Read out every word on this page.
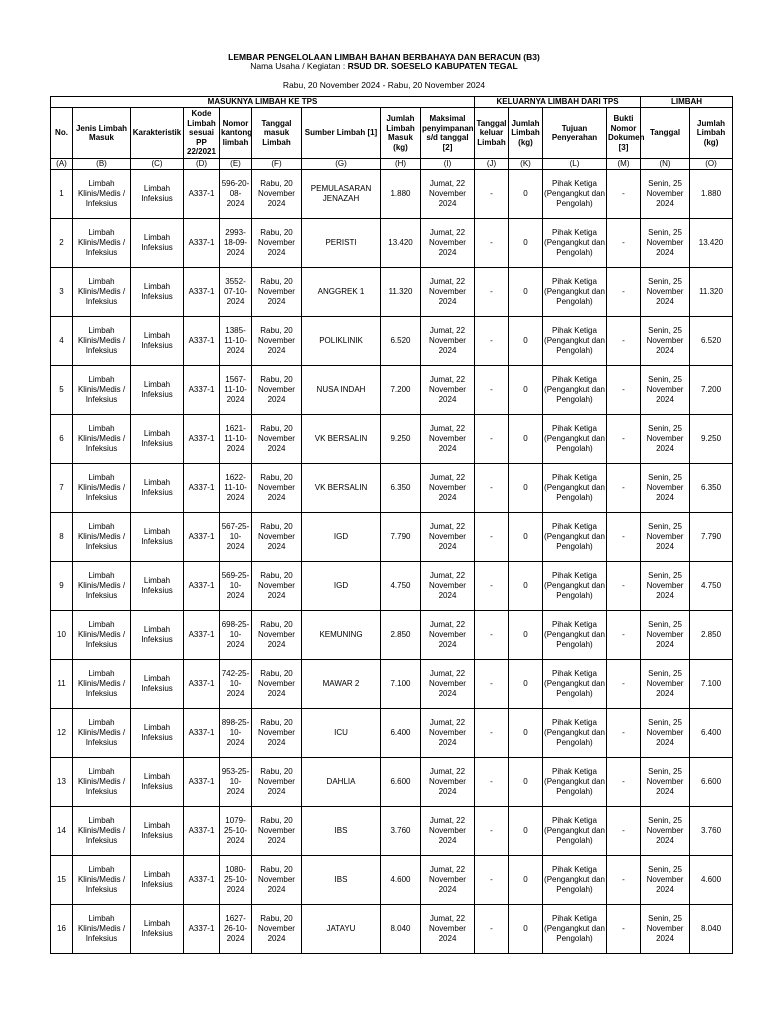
LEMBAR PENGELOLAAN LIMBAH BAHAN BERBAHAYA DAN BERACUN (B3)
Nama Usaha / Kegiatan : RSUD DR. SOESELO KABUPATEN TEGAL
Rabu, 20 November 2024 - Rabu, 20 November 2024
MASUKNYA LIMBAH KE TPS									KELUARNYA LIMBAH DARI TPS				LIMBAH	
No.	Jenis Limbah Masuk	Karakteristik	Kode Limbah sesuai PP 22/2021	Nomor kantong limbah	Tanggal masuk Limbah	Sumber Limbah [1]	Jumlah Limbah Masuk (kg)	Maksimal penyimpanan s/d tanggal [2]	Tanggal keluar Limbah	Jumlah Limbah (kg)	Tujuan Penyerahan	Bukti Nomor Dokumen [3]	Tanggal	Jumlah Limbah (kg)
(A)	(B)	(C)	(D)	(E)	(F)	(G)	(H)	(I)	(J)	(K)	(L)	(M)	(N)	(O)
1	Limbah Klinis/Medis / Infeksius	Limbah Infeksius	A337-1	596-20-08-2024	Rabu, 20 November 2024	PEMULASARAN JENAZAH	1.880	Jumat, 22 November 2024	-	0	Pihak Ketiga (Pengangkut dan Pengolah)	-	Senin, 25 November 2024	1.880
2	Limbah Klinis/Medis / Infeksius	Limbah Infeksius	A337-1	2993-18-09-2024	Rabu, 20 November 2024	PERISTI	13.420	Jumat, 22 November 2024	-	0	Pihak Ketiga (Pengangkut dan Pengolah)	-	Senin, 25 November 2024	13.420
3	Limbah Klinis/Medis / Infeksius	Limbah Infeksius	A337-1	3552-07-10-2024	Rabu, 20 November 2024	ANGGREK 1	11.320	Jumat, 22 November 2024	-	0	Pihak Ketiga (Pengangkut dan Pengolah)	-	Senin, 25 November 2024	11.320
4	Limbah Klinis/Medis / Infeksius	Limbah Infeksius	A337-1	1385-11-10-2024	Rabu, 20 November 2024	POLIKLINIK	6.520	Jumat, 22 November 2024	-	0	Pihak Ketiga (Pengangkut dan Pengolah)	-	Senin, 25 November 2024	6.520
5	Limbah Klinis/Medis / Infeksius	Limbah Infeksius	A337-1	1567-11-10-2024	Rabu, 20 November 2024	NUSA INDAH	7.200	Jumat, 22 November 2024	-	0	Pihak Ketiga (Pengangkut dan Pengolah)	-	Senin, 25 November 2024	7.200
6	Limbah Klinis/Medis / Infeksius	Limbah Infeksius	A337-1	1621-11-10-2024	Rabu, 20 November 2024	VK BERSALIN	9.250	Jumat, 22 November 2024	-	0	Pihak Ketiga (Pengangkut dan Pengolah)	-	Senin, 25 November 2024	9.250
7	Limbah Klinis/Medis / Infeksius	Limbah Infeksius	A337-1	1622-11-10-2024	Rabu, 20 November 2024	VK BERSALIN	6.350	Jumat, 22 November 2024	-	0	Pihak Ketiga (Pengangkut dan Pengolah)	-	Senin, 25 November 2024	6.350
8	Limbah Klinis/Medis / Infeksius	Limbah Infeksius	A337-1	567-25-10-2024	Rabu, 20 November 2024	IGD	7.790	Jumat, 22 November 2024	-	0	Pihak Ketiga (Pengangkut dan Pengolah)	-	Senin, 25 November 2024	7.790
9	Limbah Klinis/Medis / Infeksius	Limbah Infeksius	A337-1	569-25-10-2024	Rabu, 20 November 2024	IGD	4.750	Jumat, 22 November 2024	-	0	Pihak Ketiga (Pengangkut dan Pengolah)	-	Senin, 25 November 2024	4.750
10	Limbah Klinis/Medis / Infeksius	Limbah Infeksius	A337-1	698-25-10-2024	Rabu, 20 November 2024	KEMUNING	2.850	Jumat, 22 November 2024	-	0	Pihak Ketiga (Pengangkut dan Pengolah)	-	Senin, 25 November 2024	2.850
11	Limbah Klinis/Medis / Infeksius	Limbah Infeksius	A337-1	742-25-10-2024	Rabu, 20 November 2024	MAWAR 2	7.100	Jumat, 22 November 2024	-	0	Pihak Ketiga (Pengangkut dan Pengolah)	-	Senin, 25 November 2024	7.100
12	Limbah Klinis/Medis / Infeksius	Limbah Infeksius	A337-1	898-25-10-2024	Rabu, 20 November 2024	ICU	6.400	Jumat, 22 November 2024	-	0	Pihak Ketiga (Pengangkut dan Pengolah)	-	Senin, 25 November 2024	6.400
13	Limbah Klinis/Medis / Infeksius	Limbah Infeksius	A337-1	953-25-10-2024	Rabu, 20 November 2024	DAHLIA	6.600	Jumat, 22 November 2024	-	0	Pihak Ketiga (Pengangkut dan Pengolah)	-	Senin, 25 November 2024	6.600
14	Limbah Klinis/Medis / Infeksius	Limbah Infeksius	A337-1	1079-25-10-2024	Rabu, 20 November 2024	IBS	3.760	Jumat, 22 November 2024	-	0	Pihak Ketiga (Pengangkut dan Pengolah)	-	Senin, 25 November 2024	3.760
15	Limbah Klinis/Medis / Infeksius	Limbah Infeksius	A337-1	1080-25-10-2024	Rabu, 20 November 2024	IBS	4.600	Jumat, 22 November 2024	-	0	Pihak Ketiga (Pengangkut dan Pengolah)	-	Senin, 25 November 2024	4.600
16	Limbah Klinis/Medis / Infeksius	Limbah Infeksius	A337-1	1627-26-10-2024	Rabu, 20 November 2024	JATAYU	8.040	Jumat, 22 November 2024	-	0	Pihak Ketiga (Pengangkut dan Pengolah)	-	Senin, 25 November 2024	8.040
